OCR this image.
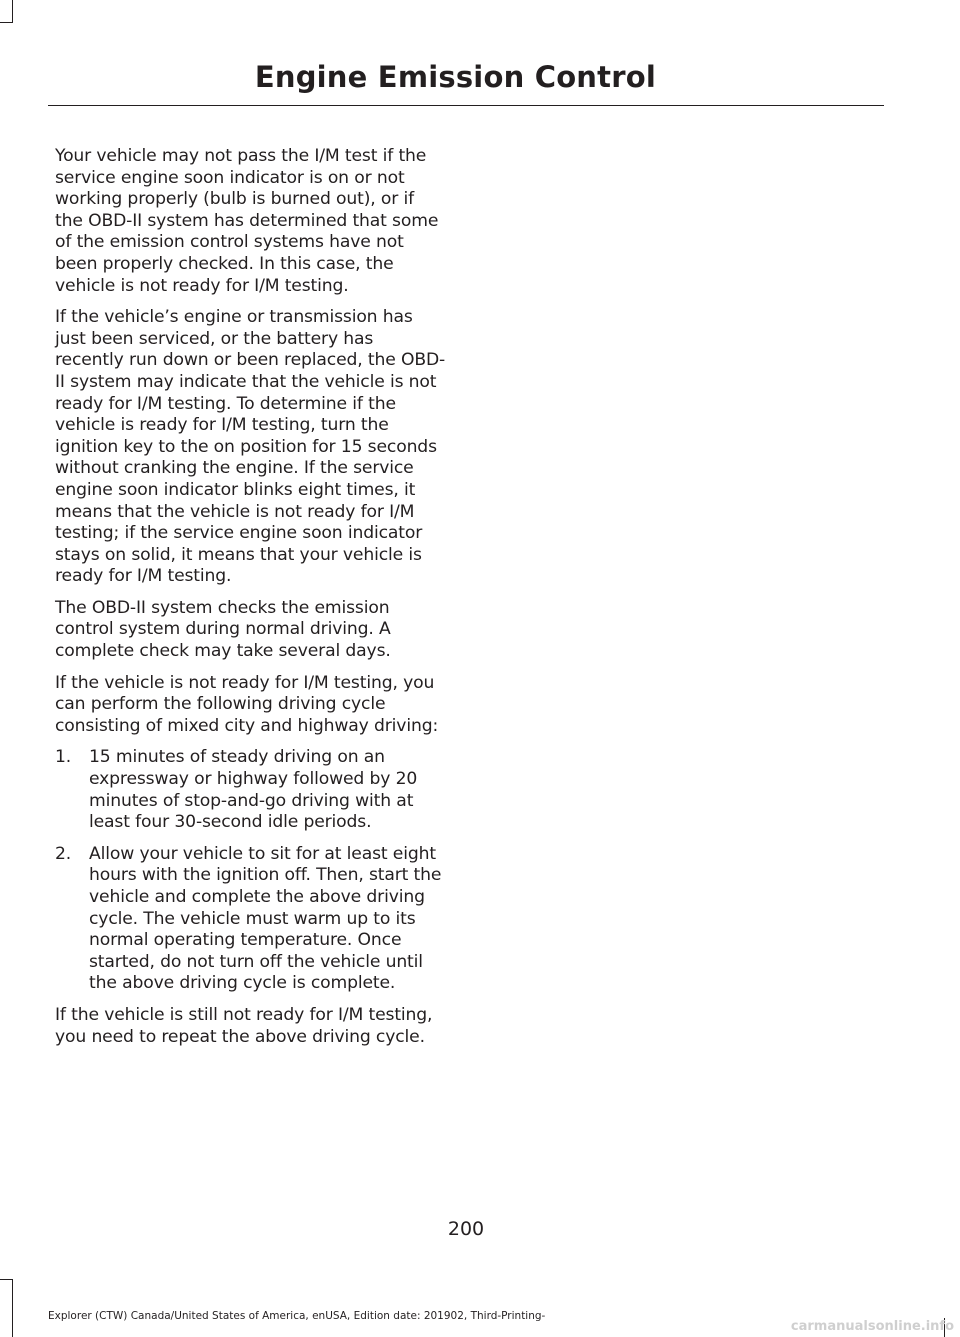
Engine Emission Control

Your vehicle may not pass the I/M test if the service engine soon indicator is on or not working properly (bulb is burned out), or if the OBD-II system has determined that some of the emission control systems have not been properly checked. In this case, the vehicle is not ready for I/M testing.

If the vehicle’s engine or transmission has just been serviced, or the battery has recently run down or been replaced, the OBD-II system may indicate that the vehicle is not ready for I/M testing. To determine if the vehicle is ready for I/M testing, turn the ignition key to the on position for 15 seconds without cranking the engine. If the service engine soon indicator blinks eight times, it means that the vehicle is not ready for I/M testing; if the service engine soon indicator stays on solid, it means that your vehicle is ready for I/M testing.

The OBD-II system checks the emission control system during normal driving. A complete check may take several days.

If the vehicle is not ready for I/M testing, you can perform the following driving cycle consisting of mixed city and highway driving:

1. 15 minutes of steady driving on an expressway or highway followed by 20 minutes of stop-and-go driving with at least four 30-second idle periods.
2. Allow your vehicle to sit for at least eight hours with the ignition off. Then, start the vehicle and complete the above driving cycle. The vehicle must warm up to its normal operating temperature. Once started, do not turn off the vehicle until the above driving cycle is complete.

If the vehicle is still not ready for I/M testing, you need to repeat the above driving cycle.

200
Explorer (CTW) Canada/United States of America, enUSA, Edition date: 201902, Third-Printing-
carmanualsonline.info
